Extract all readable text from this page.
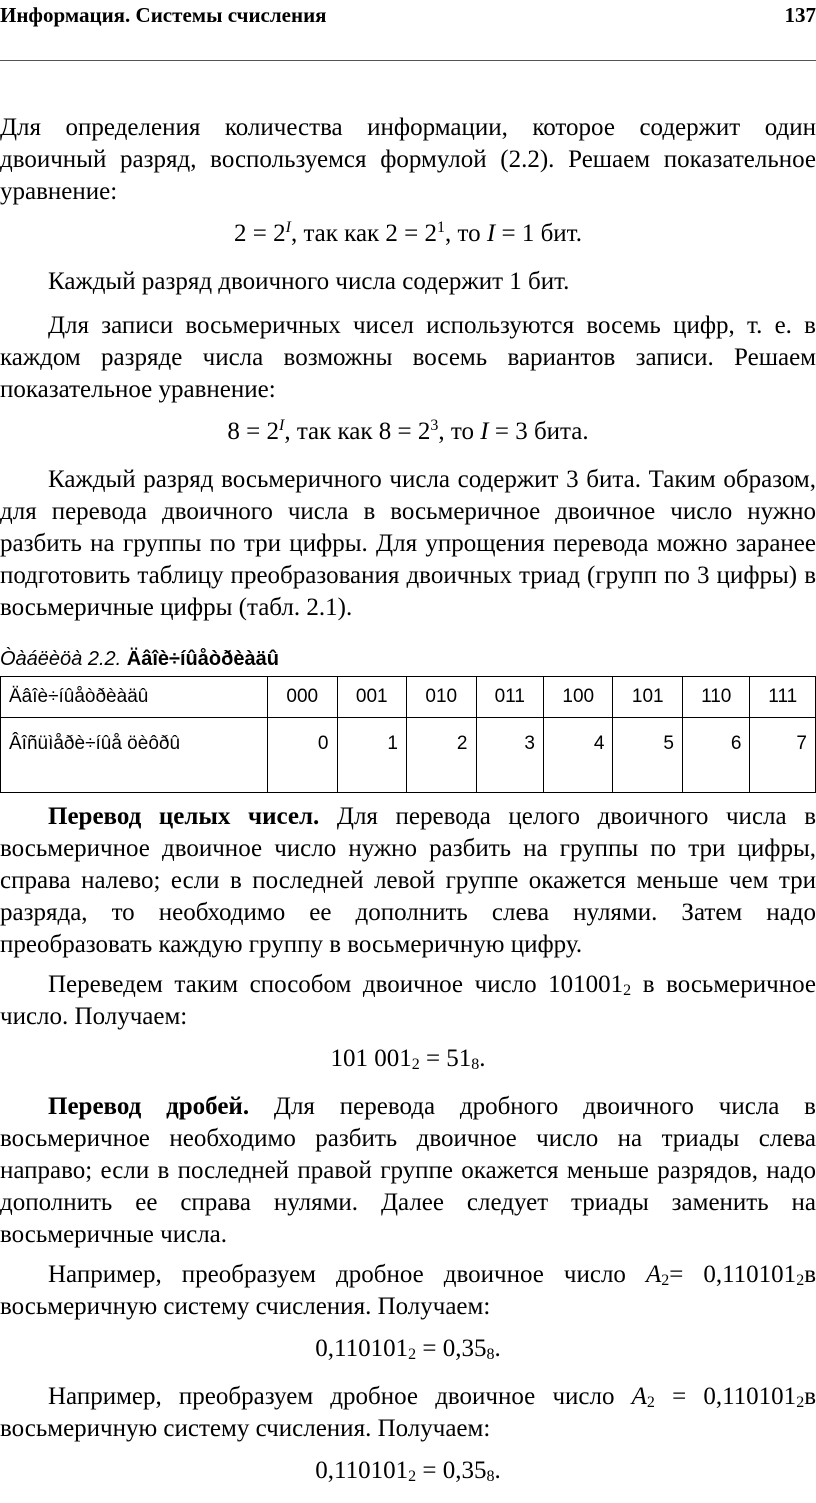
Информация. Системы счисления	137

Для определения количества информации, которое содержит один двоичный разряд, воспользуемся формулой (2.2). Решаем показательное уравнение:

$2 = 2^I$, так как $2 = 2^1$, то I = 1 бит.

Каждый разряд двоичного числа содержит 1 бит.

Для записи восьмеричных чисел используются восемь цифр, т. е. в каждом разряде числа возможны восемь вариантов записи. Решаем показательное уравнение:

$8 = 2^I$, так как $8 = 2^3$, то I = 3 бита.

Каждый разряд восьмеричного числа содержит 3 бита. Таким образом, для перевода двоичного числа в восьмеричное двоичное число нужно разбить на группы по три цифры. Для упрощения перевода можно заранее подготовить таблицу преобразования двоичных триад (групп по 3 цифры) в восьмеричные цифры (табл. 2.1).

Òàáëèöà 2.2. Äâîè÷íûåòðèàäû
Äâîè÷íûåòðèàäû	000	001	010	011	100	101	110	111
Âîñüìåðè÷íûå öèôðû	0	1	2	3	4	5	6	7

Перевод целых чисел. Для перевода целого двоичного числа в восьмеричное двоичное число нужно разбить на группы по три цифры, справа налево; если в последней левой группе окажется меньше чем три разряда, то необходимо ее дополнить слева нулями. Затем надо преобразовать каждую группу в восьмеричную цифру.

Переведем таким способом двоичное число $101001_2$ в восьмеричное число. Получаем:

101 $001_2 = 51_8$.

Перевод дробей. Для перевода дробного двоичного числа в восьмеричное необходимо разбить двоичное число на триады слева направо; если в последней правой группе окажется меньше разрядов, надо дополнить ее справа нулями. Далее следует триады заменить на восьмеричные числа.

Например, преобразуем дробное двоичное число $A_2= 0,110101_2в$ восьмеричную систему счисления. Получаем:

$0,110101_2 = 0,35_8$.

Например, преобразуем дробное двоичное число $A_2 = 0,110101_2в$ восьмеричную систему счисления. Получаем:

$0,110101_2 = 0,35_8$.
